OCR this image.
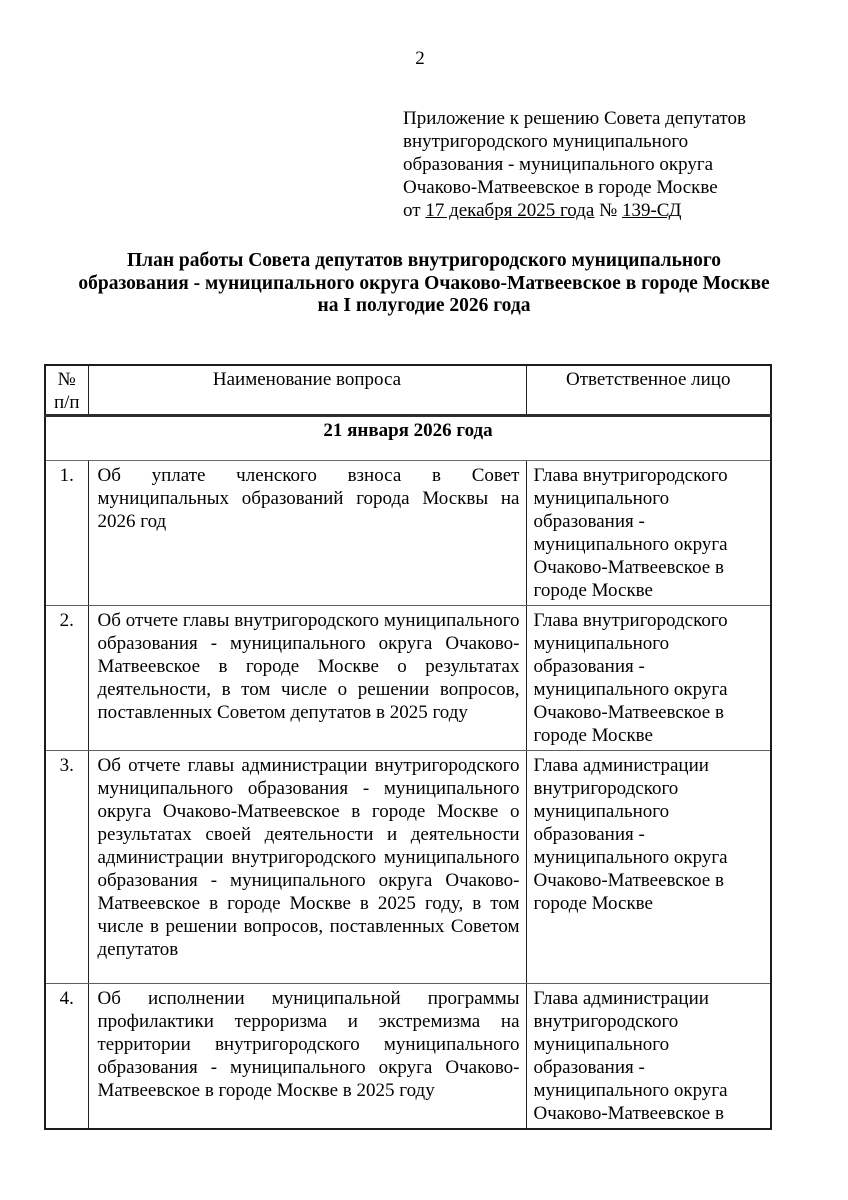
2
Приложение к решению Совета депутатов
внутригородского муниципального
образования - муниципального округа
Очаково-Матвеевское в городе Москве
от 17 декабря 2025 года № 139-СД
План работы Совета депутатов внутригородского муниципального
образования - муниципального округа Очаково-Матвеевское в городе Москве
на I полугодие 2026 года
№
п/п	Наименование вопроса	Ответственное лицо
21 января 2026 года		
1.	Об уплате членского взноса в Совет муниципальных образований города Москвы на 2026 год	Глава внутригородского муниципального образования - муниципального округа Очаково-Матвеевское в городе Москве
2.	Об отчете главы внутригородского муниципального образования - муниципального округа Очаково-Матвеевское в городе Москве о результатах деятельности, в том числе о решении вопросов, поставленных Советом депутатов в 2025 году	Глава внутригородского муниципального образования - муниципального округа Очаково-Матвеевское в городе Москве
3.	Об отчете главы администрации внутригородского муниципального образования - муниципального округа Очаково-Матвеевское в городе Москве о результатах своей деятельности и деятельности администрации внутригородского муниципального образования - муниципального округа Очаково-Матвеевское в городе Москве в 2025 году, в том числе в решении вопросов, поставленных Советом депутатов	Глава администрации внутригородского муниципального образования - муниципального округа Очаково-Матвеевское в городе Москве
4.	Об исполнении муниципальной программы профилактики терроризма и экстремизма на территории внутригородского муниципального образования - муниципального округа Очаково-Матвеевское в городе Москве в 2025 году	Глава администрации внутригородского муниципального образования - муниципального округа Очаково-Матвеевское в
